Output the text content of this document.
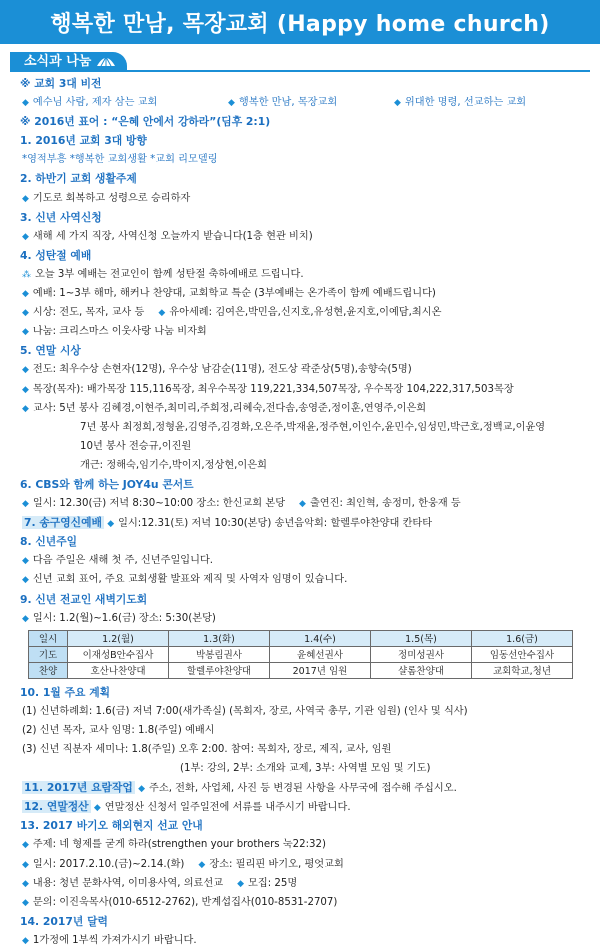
행복한 만남, 목장교회 (Happy home church)
소식과 나눔
※ 교회 3대 비전
◆ 예수님 사람, 제자 삼는 교회	◆ 행복한 만남, 목장교회	◆ 위대한 명령, 선교하는 교회
※ 2016년 표어 : “은혜 안에서 강하라”(딤후 2:1)
1. 2016년 교회 3대 방향
*영적부흥 *행복한 교회생활 *교회 리모델링
2. 하반기 교회 생활주제
◆ 기도로 회복하고 성령으로 승리하자
3. 신년 사역신청
◆ 새해 세 가지 직장, 사역신청 오늘까지 받습니다(1층 현관 비치)
4. 성탄절 예배
⁂ 오늘 3부 예배는 전교인이 함께 성탄절 축하예배로 드립니다.
◆ 예배: 1~3부 해마, 해커나 찬양대, 교회학교 특순 (3부예배는 온가족이 함께 예배드립니다)
◆ 시상: 전도, 목자, 교사 등 ◆ 유아세례: 김여은,박민음,신지호,유성현,윤지호,이예담,최시온
◆ 나눔: 크리스마스 이웃사랑 나눔 비자회
5. 연말 시상
◆ 전도: 최우수상 손현자(12명), 우수상 남감순(11명), 전도상 곽준상(5명),송향숙(5명)
◆ 목장(목자): 배가목장 115,116목장, 최우수목장 119,221,334,507목장, 우수목장 104,222,317,503목장
◆ 교사: 5년 봉사 김혜경,이현주,최미리,주희정,리혜숙,전다솜,송영준,정이훈,연영주,이은희
7년 봉사 최정희,정형윤,김영주,김경화,오은주,박재윤,정주현,이인수,윤민수,임성민,박근호,정백교,이윤영
10년 봉사 전승규,이진원
개근: 정해숙,임기수,박이지,정상현,이은희
6. CBS와 함께 하는 JOY4u 콘서트
◆ 일시: 12.30(금) 저녁 8:30~10:00 장소: 한신교회 본당 ◆ 출연진: 최인혁, 송정미, 한웅재 등
7. 송구영신예배 ◆ 일시:12.31(토) 저녁 10:30(본당) 송년음악회: 할렐루야찬양대 칸타타
8. 신년주일
◆ 다음 주일은 새해 첫 주, 신년주일입니다.
◆ 신년 교회 표어, 주요 교회생활 발표와 제직 및 사역자 임명이 있습니다.
9. 신년 전교인 새벽기도회
◆ 일시: 1.2(월)~1.6(금) 장소: 5:30(본당)
일시	1.2(월)	1.3(화)	1.4(수)	1.5(목)	1.6(금)
기도	이재성B안수집사	박봉림권사	윤혜선권사	정미성권사	임동선안수집사
찬양	호산나찬양대	할렐루야찬양대	2017년 임원	샬롬찬양대	교회학교,청년
10. 1월 주요 계획
(1) 신년하례회: 1.6(금) 저녁 7:00(새가족실) (목회자, 장로, 사역국 총무, 기관 임원) (인사 및 식사)
(2) 신년 목자, 교사 임명: 1.8(주일) 예배시
(3) 신년 직분자 세미나: 1.8(주일) 오후 2:00. 참여: 목회자, 장로, 제직, 교사, 임원
(1부: 강의, 2부: 소개와 교제, 3부: 사역별 모임 및 기도)
11. 2017년 요람작업 ◆ 주소, 전화, 사업체, 사진 등 변경된 사항을 사무국에 접수해 주십시오.
12. 연말정산 ◆ 연말정산 신청서 일주일전에 서류를 내주시기 바랍니다.
13. 2017 바기오 해외현지 선교 안내
◆ 주제: 네 형제를 굳게 하라(strengthen your brothers 눅22:32)
◆ 일시: 2017.2.10.(금)~2.14.(화) ◆ 장소: 필리핀 바기오, 평엇교회
◆ 내용: 청년 문화사역, 이미용사역, 의료선교 ◆ 모집: 25명
◆ 문의: 이진욱목사(010-6512-2762), 반계섭집사(010-8531-2707)
14. 2017년 달력
◆ 1가정에 1부씩 가져가시기 바랍니다.
